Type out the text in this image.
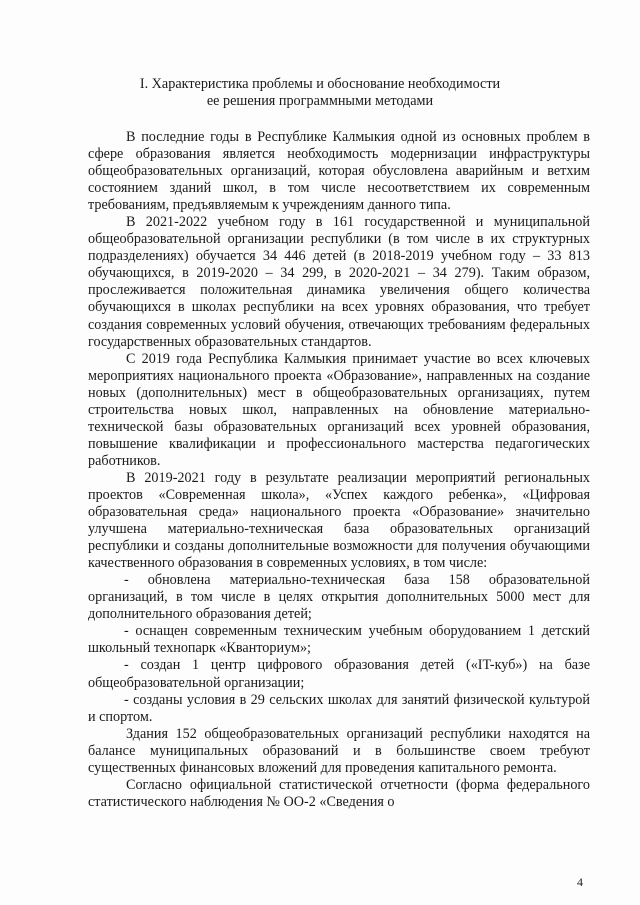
I. Характеристика проблемы и обоснование необходимости
ее решения программными методами

В последние годы в Республике Калмыкия одной из основных проблем в сфере образования является необходимость модернизации инфраструктуры общеобразовательных организаций, которая обусловлена аварийным и ветхим состоянием зданий школ, в том числе несоответствием их современным требованиям, предъявляемым к учреждениям данного типа.

В 2021-2022 учебном году в 161 государственной и муниципальной общеобразовательной организации республики (в том числе в их структурных подразделениях) обучается 34 446 детей (в 2018-2019 учебном году – 33 813 обучающихся, в 2019-2020 – 34 299, в 2020-2021 – 34 279). Таким образом, прослеживается положительная динамика увеличения общего количества обучающихся в школах республики на всех уровнях образования, что требует создания современных условий обучения, отвечающих требованиям федеральных государственных образовательных стандартов.

С 2019 года Республика Калмыкия принимает участие во всех ключевых мероприятиях национального проекта «Образование», направленных на создание новых (дополнительных) мест в общеобразовательных организациях, путем строительства новых школ, направленных на обновление материально-технической базы образовательных организаций всех уровней образования, повышение квалификации и профессионального мастерства педагогических работников.

В 2019-2021 году в результате реализации мероприятий региональных проектов «Современная школа», «Успех каждого ребенка», «Цифровая образовательная среда» национального проекта «Образование» значительно улучшена материально-техническая база образовательных организаций республики и созданы дополнительные возможности для получения обучающими качественного образования в современных условиях, в том числе:

- обновлена материально-техническая база 158 образовательной организаций, в том числе в целях открытия дополнительных 5000 мест для дополнительного образования детей;

- оснащен современным техническим учебным оборудованием 1 детский школьный технопарк «Кванториум»;

- создан 1 центр цифрового образования детей («IT-куб») на базе общеобразовательной организации;

- созданы условия в 29 сельских школах для занятий физической культурой и спортом.

Здания 152 общеобразовательных организаций республики находятся на балансе муниципальных образований и в большинстве своем требуют существенных финансовых вложений для проведения капитального ремонта.

Согласно официальной статистической отчетности (форма федерального статистического наблюдения № ОО-2 «Сведения о

4
